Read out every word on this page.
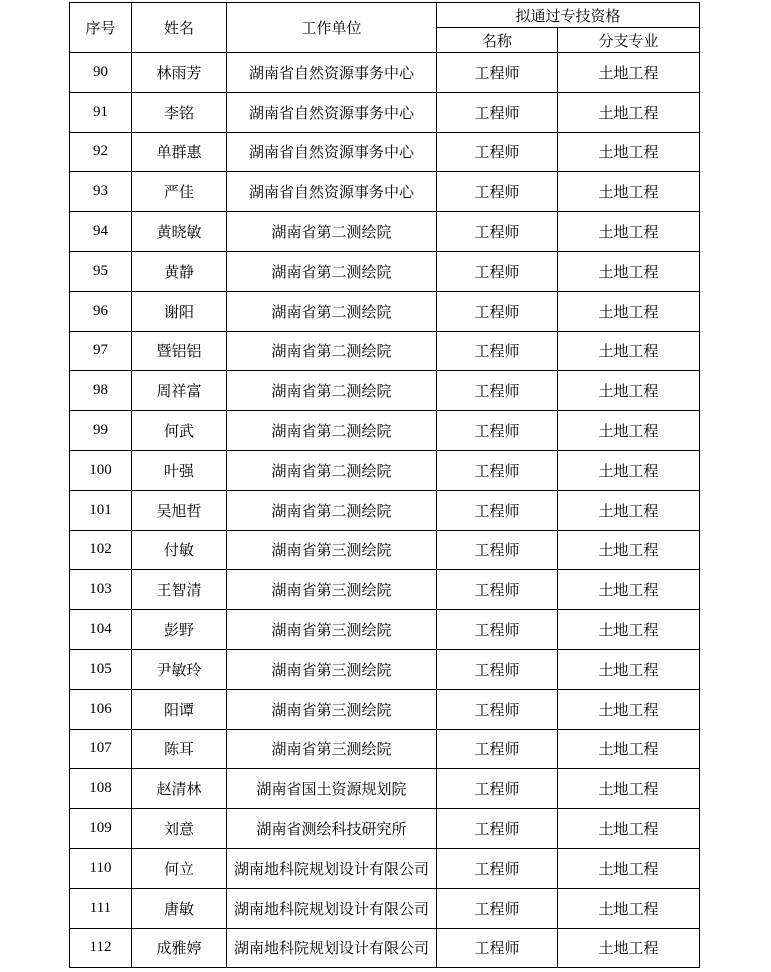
序号	姓名	工作单位	拟通过专技资格	
			名称	分支专业
90	林雨芳	湖南省自然资源事务中心	工程师	土地工程
91	李铭	湖南省自然资源事务中心	工程师	土地工程
92	单群惠	湖南省自然资源事务中心	工程师	土地工程
93	严佳	湖南省自然资源事务中心	工程师	土地工程
94	黄晓敏	湖南省第二测绘院	工程师	土地工程
95	黄静	湖南省第二测绘院	工程师	土地工程
96	谢阳	湖南省第二测绘院	工程师	土地工程
97	暨铝铝	湖南省第二测绘院	工程师	土地工程
98	周祥富	湖南省第二测绘院	工程师	土地工程
99	何武	湖南省第二测绘院	工程师	土地工程
100	叶强	湖南省第二测绘院	工程师	土地工程
101	吴旭哲	湖南省第二测绘院	工程师	土地工程
102	付敏	湖南省第三测绘院	工程师	土地工程
103	王智清	湖南省第三测绘院	工程师	土地工程
104	彭野	湖南省第三测绘院	工程师	土地工程
105	尹敏玲	湖南省第三测绘院	工程师	土地工程
106	阳谭	湖南省第三测绘院	工程师	土地工程
107	陈耳	湖南省第三测绘院	工程师	土地工程
108	赵清林	湖南省国土资源规划院	工程师	土地工程
109	刘意	湖南省测绘科技研究所	工程师	土地工程
110	何立	湖南地科院规划设计有限公司	工程师	土地工程
111	唐敏	湖南地科院规划设计有限公司	工程师	土地工程
112	成雅婷	湖南地科院规划设计有限公司	工程师	土地工程
